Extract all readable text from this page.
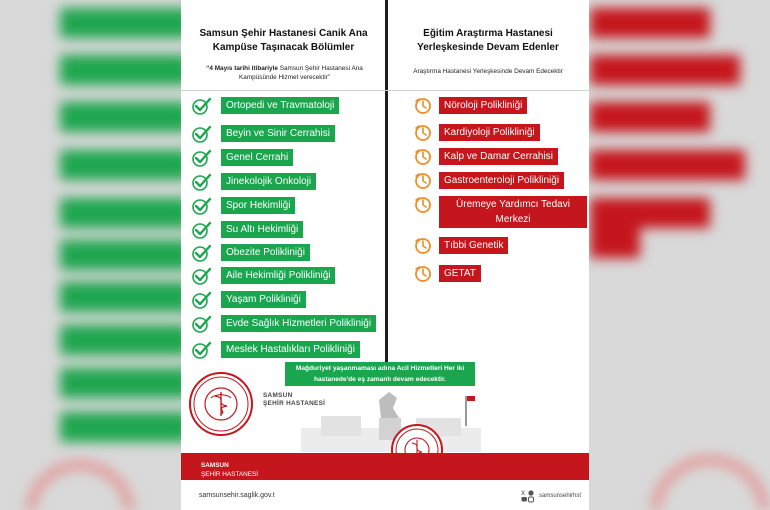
Samsun Şehir Hastanesi Canik Ana
Kampüse Taşınacak Bölümler
“4 Mayıs tarihi itibariyle Samsun Şehir Hastanesi Ana Kampüsünde Hizmet verecektir”
Eğitim Araştırma Hastanesi
Yerleşkesinde Devam Edenler
Araştırma Hastanesi Yerleşkesinde Devam Edecektir
Ortopedi ve Travmatoloji
Beyin ve Sinir Cerrahisi
Genel Cerrahi
Jinekolojik Onkoloji
Spor Hekimliği
Su Altı Hekimliği
Obezite Polikliniği
Aile Hekimliği Polikliniği
Yaşam Polikliniği
Evde Sağlık Hizmetleri Polikliniği
Meslek Hastalıkları Polikliniği
Nöroloji Polikliniği
Kardiyoloji Polikliniği
Kalp ve Damar Cerrahisi
Gastroenteroloji Polikliniği
Üremeye Yardımcı Tedavi Merkezi
Tıbbi Genetik
GETAT
Mağduriyet yaşanmaması adına Acil Hizmetleri Her iki hastanede'de eş zamanlı devam edecektir.
SAMSUN
ŞEHİR HASTANESİ
SAMSUN
ŞEHİR HASTANESİ
samsunsehir.saglik.gov.t	X samsunsehirhst
